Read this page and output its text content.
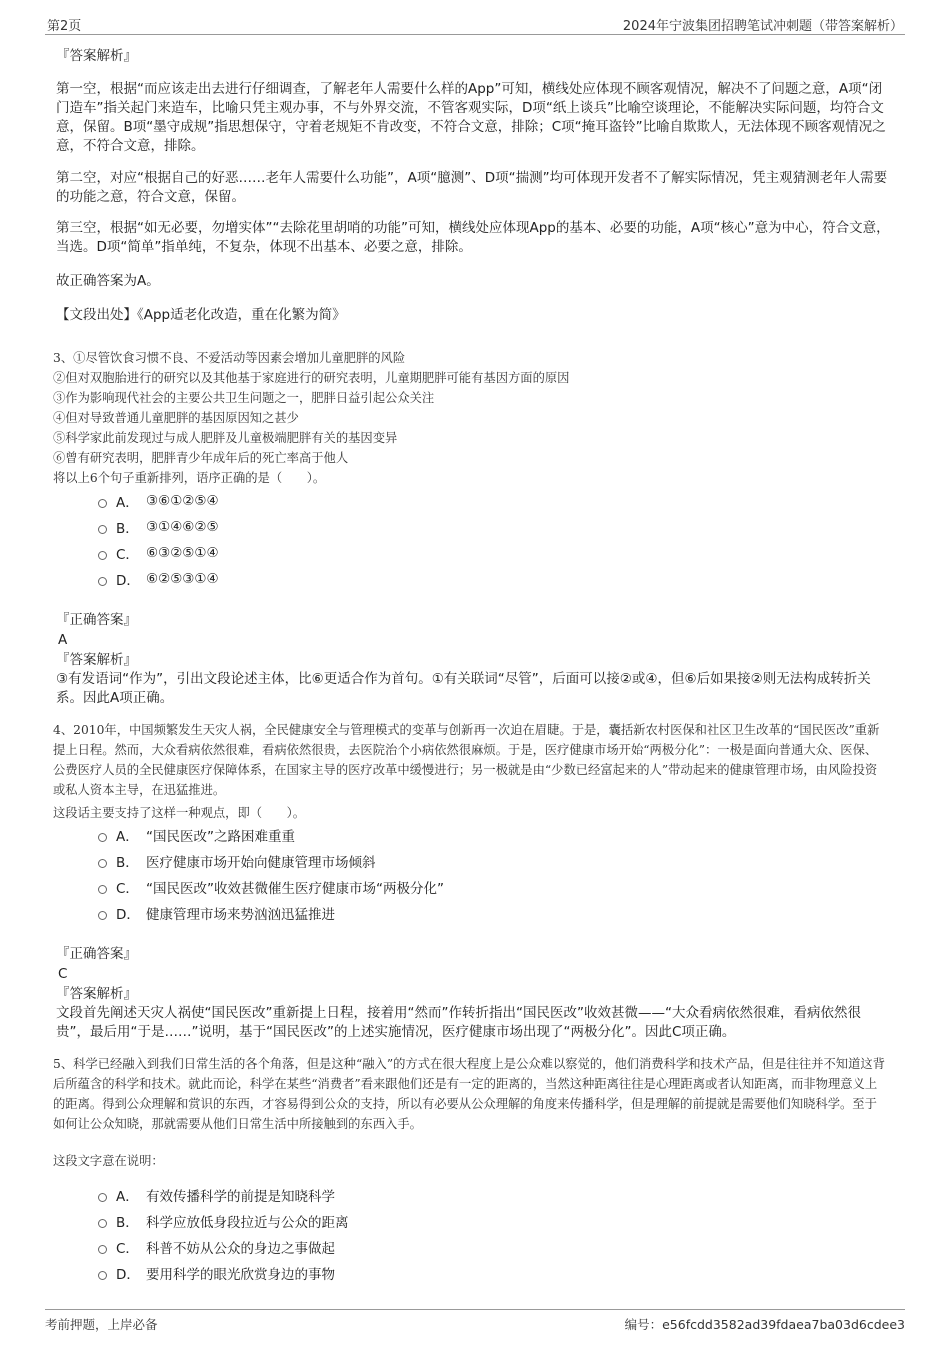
第2页	2024年宁波集团招聘笔试冲刺题（带答案解析）

『答案解析』

第一空，根据“而应该走出去进行仔细调查，了解老年人需要什么样的App”可知，横线处应体现不顾客观情况，解决不了问题之意，A项“闭门造车”指关起门来造车，比喻只凭主观办事，不与外界交流，不管客观实际，D项“纸上谈兵”比喻空谈理论，不能解决实际问题，均符合文意，保留。B项“墨守成规”指思想保守，守着老规矩不肯改变，不符合文意，排除；C项“掩耳盗铃”比喻自欺欺人，无法体现不顾客观情况之意，不符合文意，排除。

第二空，对应“根据自己的好恶……老年人需要什么功能”，A项“臆测”、D项“揣测”均可体现开发者不了解实际情况，凭主观猜测老年人需要的功能之意，符合文意，保留。

第三空，根据“如无必要，勿增实体”“去除花里胡哨的功能”可知，横线处应体现App的基本、必要的功能，A项“核心”意为中心，符合文意，当选。D项“简单”指单纯，不复杂，体现不出基本、必要之意，排除。

故正确答案为A。

【文段出处】《App适老化改造，重在化繁为简》

3、①尽管饮食习惯不良、不爱活动等因素会增加儿童肥胖的风险

②但对双胞胎进行的研究以及其他基于家庭进行的研究表明，儿童期肥胖可能有基因方面的原因

③作为影响现代社会的主要公共卫生问题之一，肥胖日益引起公众关注

④但对导致普通儿童肥胖的基因原因知之甚少

⑤科学家此前发现过与成人肥胖及儿童极端肥胖有关的基因变异

⑥曾有研究表明，肥胖青少年成年后的死亡率高于他人

将以上6个句子重新排列，语序正确的是（　　）。

A． ③⑥①②⑤④
B． ③①④⑥②⑤
C． ⑥③②⑤①④
D． ⑥②⑤③①④

『正确答案』

A

『答案解析』

③有发语词“作为”，引出文段论述主体，比⑥更适合作为首句。①有关联词“尽管”，后面可以接②或④，但⑥后如果接②则无法构成转折关系。因此A项正确。

4、2010年，中国频繁发生天灾人祸，全民健康安全与管理模式的变革与创新再一次迫在眉睫。于是，囊括新农村医保和社区卫生改革的“国民医改”重新提上日程。然而，大众看病依然很难，看病依然很贵，去医院治个小病依然很麻烦。于是，医疗健康市场开始“两极分化”：一极是面向普通大众、医保、公费医疗人员的全民健康医疗保障体系，在国家主导的医疗改革中缓慢进行；另一极就是由“少数已经富起来的人”带动起来的健康管理市场，由风险投资或私人资本主导，在迅猛推进。

这段话主要支持了这样一种观点，即（　　）。

A． “国民医改”之路困难重重
B． 医疗健康市场开始向健康管理市场倾斜
C． “国民医改”收效甚微催生医疗健康市场“两极分化”
D． 健康管理市场来势汹汹迅猛推进

『正确答案』

C

『答案解析』

文段首先阐述天灾人祸使“国民医改”重新提上日程，接着用“然而”作转折指出“国民医改”收效甚微——“大众看病依然很难，看病依然很贵”，最后用“于是……”说明，基于“国民医改”的上述实施情况，医疗健康市场出现了“两极分化”。因此C项正确。

5、科学已经融入到我们日常生活的各个角落，但是这种“融入”的方式在很大程度上是公众难以察觉的，他们消费科学和技术产品，但是往往并不知道这背后所蕴含的科学和技术。就此而论，科学在某些“消费者”看来跟他们还是有一定的距离的，当然这种距离往往是心理距离或者认知距离，而非物理意义上的距离。得到公众理解和赏识的东西，才容易得到公众的支持，所以有必要从公众理解的角度来传播科学，但是理解的前提就是需要他们知晓科学。至于如何让公众知晓，那就需要从他们日常生活中所接触到的东西入手。

这段文字意在说明：

A． 有效传播科学的前提是知晓科学
B． 科学应放低身段拉近与公众的距离
C． 科普不妨从公众的身边之事做起
D． 要用科学的眼光欣赏身边的事物
考前押题，上岸必备	编号：e56fcdd3582ad39fdaea7ba03d6cdee3
